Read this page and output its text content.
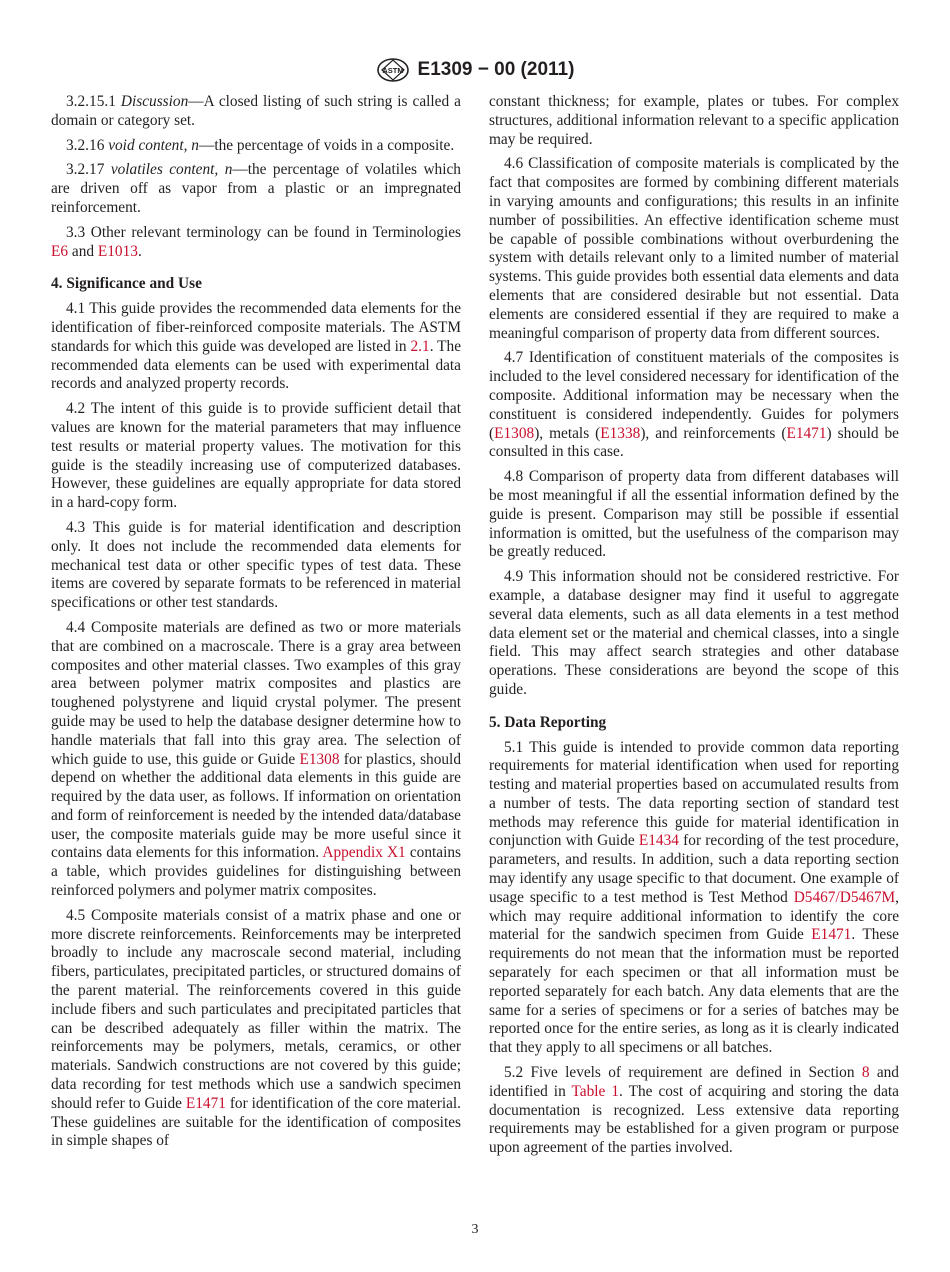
ASTM E1309 − 00 (2011)

3.2.15.1 Discussion—A closed listing of such string is called a domain or category set.

3.2.16 void content, n—the percentage of voids in a composite.

3.2.17 volatiles content, n—the percentage of volatiles which are driven off as vapor from a plastic or an impregnated reinforcement.

3.3 Other relevant terminology can be found in Terminologies E6 and E1013.

4. Significance and Use

4.1 This guide provides the recommended data elements for the identification of fiber-reinforced composite materials. The ASTM standards for which this guide was developed are listed in 2.1. The recommended data elements can be used with experimental data records and analyzed property records.

4.2 The intent of this guide is to provide sufficient detail that values are known for the material parameters that may influence test results or material property values. The motivation for this guide is the steadily increasing use of computerized databases. However, these guidelines are equally appropriate for data stored in a hard-copy form.

4.3 This guide is for material identification and description only. It does not include the recommended data elements for mechanical test data or other specific types of test data. These items are covered by separate formats to be referenced in material specifications or other test standards.

4.4 Composite materials are defined as two or more materials that are combined on a macroscale. There is a gray area between composites and other material classes. Two examples of this gray area between polymer matrix composites and plastics are toughened polystyrene and liquid crystal polymer. The present guide may be used to help the database designer determine how to handle materials that fall into this gray area. The selection of which guide to use, this guide or Guide E1308 for plastics, should depend on whether the additional data elements in this guide are required by the data user, as follows. If information on orientation and form of reinforcement is needed by the intended data/database user, the composite materials guide may be more useful since it contains data elements for this information. Appendix X1 contains a table, which provides guidelines for distinguishing between reinforced polymers and polymer matrix composites.

4.5 Composite materials consist of a matrix phase and one or more discrete reinforcements. Reinforcements may be interpreted broadly to include any macroscale second material, including fibers, particulates, precipitated particles, or structured domains of the parent material. The reinforcements covered in this guide include fibers and such particulates and precipitated particles that can be described adequately as filler within the matrix. The reinforcements may be polymers, metals, ceramics, or other materials. Sandwich constructions are not covered by this guide; data recording for test methods which use a sandwich specimen should refer to Guide E1471 for identification of the core material. These guidelines are suitable for the identification of composites in simple shapes of

constant thickness; for example, plates or tubes. For complex structures, additional information relevant to a specific application may be required.

4.6 Classification of composite materials is complicated by the fact that composites are formed by combining different materials in varying amounts and configurations; this results in an infinite number of possibilities. An effective identification scheme must be capable of possible combinations without overburdening the system with details relevant only to a limited number of material systems. This guide provides both essential data elements and data elements that are considered desirable but not essential. Data elements are considered essential if they are required to make a meaningful comparison of property data from different sources.

4.7 Identification of constituent materials of the composites is included to the level considered necessary for identification of the composite. Additional information may be necessary when the constituent is considered independently. Guides for polymers (E1308), metals (E1338), and reinforcements (E1471) should be consulted in this case.

4.8 Comparison of property data from different databases will be most meaningful if all the essential information defined by the guide is present. Comparison may still be possible if essential information is omitted, but the usefulness of the comparison may be greatly reduced.

4.9 This information should not be considered restrictive. For example, a database designer may find it useful to aggregate several data elements, such as all data elements in a test method data element set or the material and chemical classes, into a single field. This may affect search strategies and other database operations. These considerations are beyond the scope of this guide.

5. Data Reporting

5.1 This guide is intended to provide common data reporting requirements for material identification when used for reporting testing and material properties based on accumulated results from a number of tests. The data reporting section of standard test methods may reference this guide for material identification in conjunction with Guide E1434 for recording of the test procedure, parameters, and results. In addition, such a data reporting section may identify any usage specific to that document. One example of usage specific to a test method is Test Method D5467/D5467M, which may require additional information to identify the core material for the sandwich specimen from Guide E1471. These requirements do not mean that the information must be reported separately for each specimen or that all information must be reported separately for each batch. Any data elements that are the same for a series of specimens or for a series of batches may be reported once for the entire series, as long as it is clearly indicated that they apply to all specimens or all batches.

5.2 Five levels of requirement are defined in Section 8 and identified in Table 1. The cost of acquiring and storing the data documentation is recognized. Less extensive data reporting requirements may be established for a given program or purpose upon agreement of the parties involved.

3
